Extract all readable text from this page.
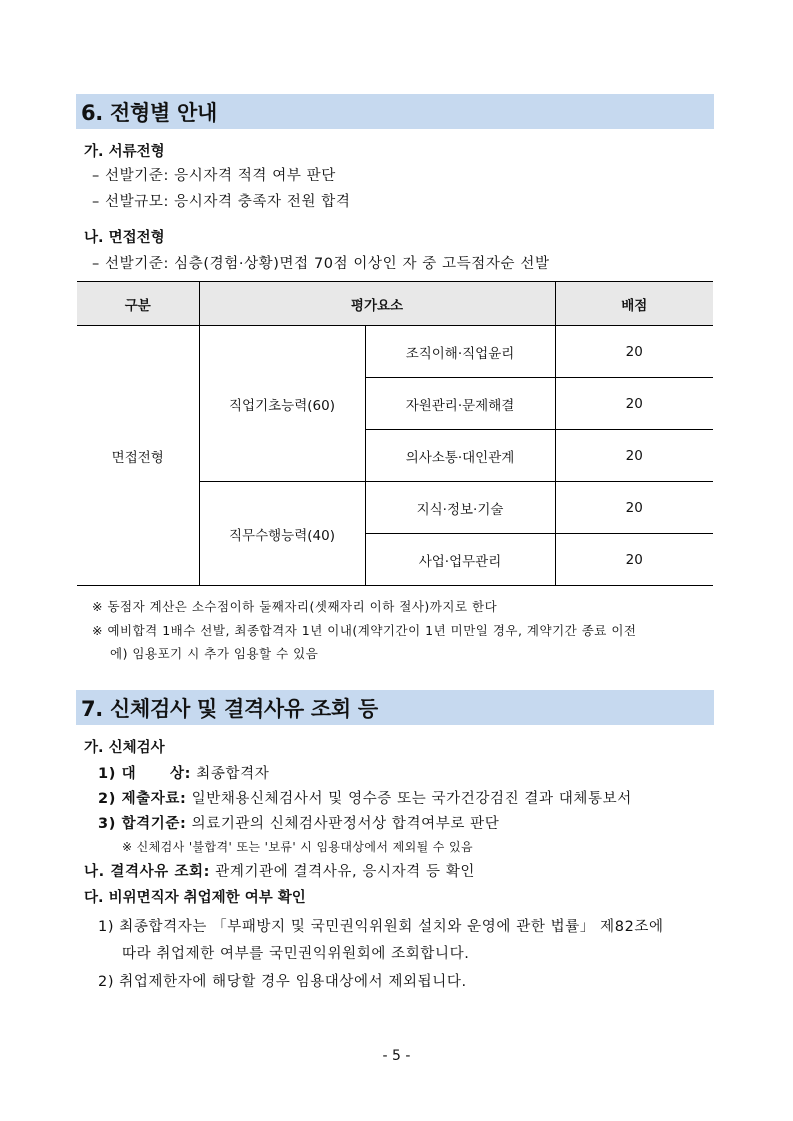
6. 전형별 안내
가. 서류전형
– 선발기준: 응시자격 적격 여부 판단
– 선발규모: 응시자격 충족자 전원 합격
나. 면접전형
– 선발기준: 심층(경험·상황)면접 70점 이상인 자 중 고득점자순 선발
구분	평가요소		배점
면접전형	직업기초능력(60)	조직이해·직업윤리	20
		자원관리·문제해결	20
		의사소통·대인관계	20
	직무수행능력(40)	지식·정보·기술	20
		사업·업무관리	20
※ 동점자 계산은 소수점이하 둘째자리(셋째자리 이하 절사)까지로 한다
※ 예비합격 1배수 선발, 최종합격자 1년 이내(계약기간이 1년 미만일 경우, 계약기간 종료 이전
에) 임용포기 시 추가 임용할 수 있음
7. 신체검사 및 결격사유 조회 등
가. 신체검사
1) 대      상: 최종합격자
2) 제출자료: 일반채용신체검사서 및 영수증 또는 국가건강검진 결과 대체통보서
3) 합격기준: 의료기관의 신체검사판정서상 합격여부로 판단
※ 신체검사 '불합격' 또는 '보류' 시 임용대상에서 제외될 수 있음
나. 결격사유 조회: 관계기관에 결격사유, 응시자격 등 확인
다. 비위면직자 취업제한 여부 확인
1) 최종합격자는 「부패방지 및 국민권익위원회 설치와 운영에 관한 법률」 제82조에
따라 취업제한 여부를 국민권익위원회에 조회합니다.
2) 취업제한자에 해당할 경우 임용대상에서 제외됩니다.
- 5 -
